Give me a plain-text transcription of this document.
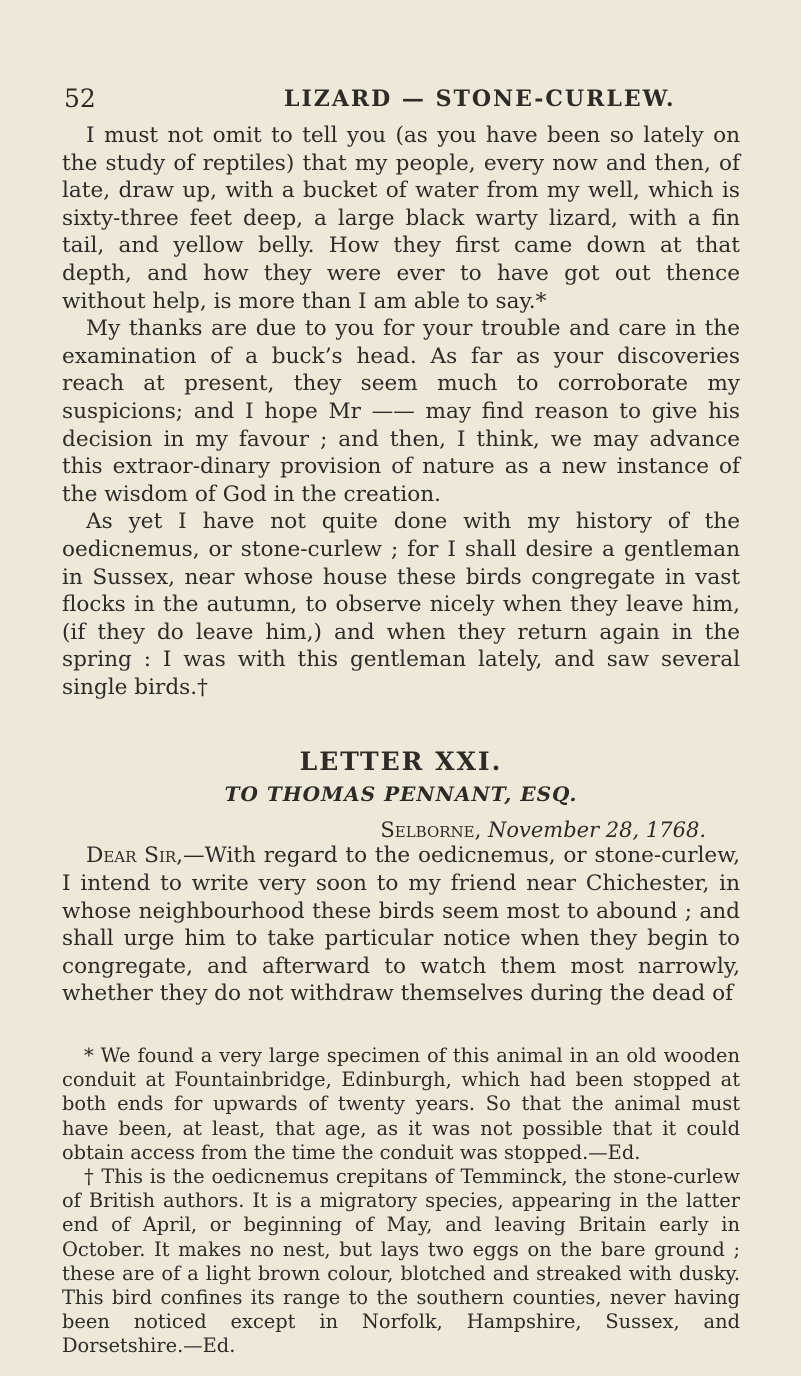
52	LIZARD — STONE-CURLEW.

I must not omit to tell you (as you have been so lately on the study of reptiles) that my people, every now and then, of late, draw up, with a bucket of water from my well, which is sixty-three feet deep, a large black warty lizard, with a fin tail, and yellow belly. How they first came down at that depth, and how they were ever to have got out thence without help, is more than I am able to say.*

My thanks are due to you for your trouble and care in the examination of a buck’s head. As far as your discoveries reach at present, they seem much to corroborate my suspicions; and I hope Mr —— may find reason to give his decision in my favour ; and then, I think, we may advance this extraor-dinary provision of nature as a new instance of the wisdom of God in the creation.

As yet I have not quite done with my history of the oedicnemus, or stone-curlew ; for I shall desire a gentleman in Sussex, near whose house these birds congregate in vast flocks in the autumn, to observe nicely when they leave him, (if they do leave him,) and when they return again in the spring : I was with this gentleman lately, and saw several single birds.†

LETTER XXI.
TO THOMAS PENNANT, ESQ.
Selborne, November 28, 1768.

Dear Sir,—With regard to the oedicnemus, or stone-curlew, I intend to write very soon to my friend near Chichester, in whose neighbourhood these birds seem most to abound ; and shall urge him to take particular notice when they begin to congregate, and afterward to watch them most narrowly, whether they do not withdraw themselves during the dead of

* We found a very large specimen of this animal in an old wooden conduit at Fountainbridge, Edinburgh, which had been stopped at both ends for upwards of twenty years. So that the animal must have been, at least, that age, as it was not possible that it could obtain access from the time the conduit was stopped.—Ed.

† This is the oedicnemus crepitans of Temminck, the stone-curlew of British authors. It is a migratory species, appearing in the latter end of April, or beginning of May, and leaving Britain early in October. It makes no nest, but lays two eggs on the bare ground ; these are of a light brown colour, blotched and streaked with dusky. This bird confines its range to the southern counties, never having been noticed except in Norfolk, Hampshire, Sussex, and Dorsetshire.—Ed.
